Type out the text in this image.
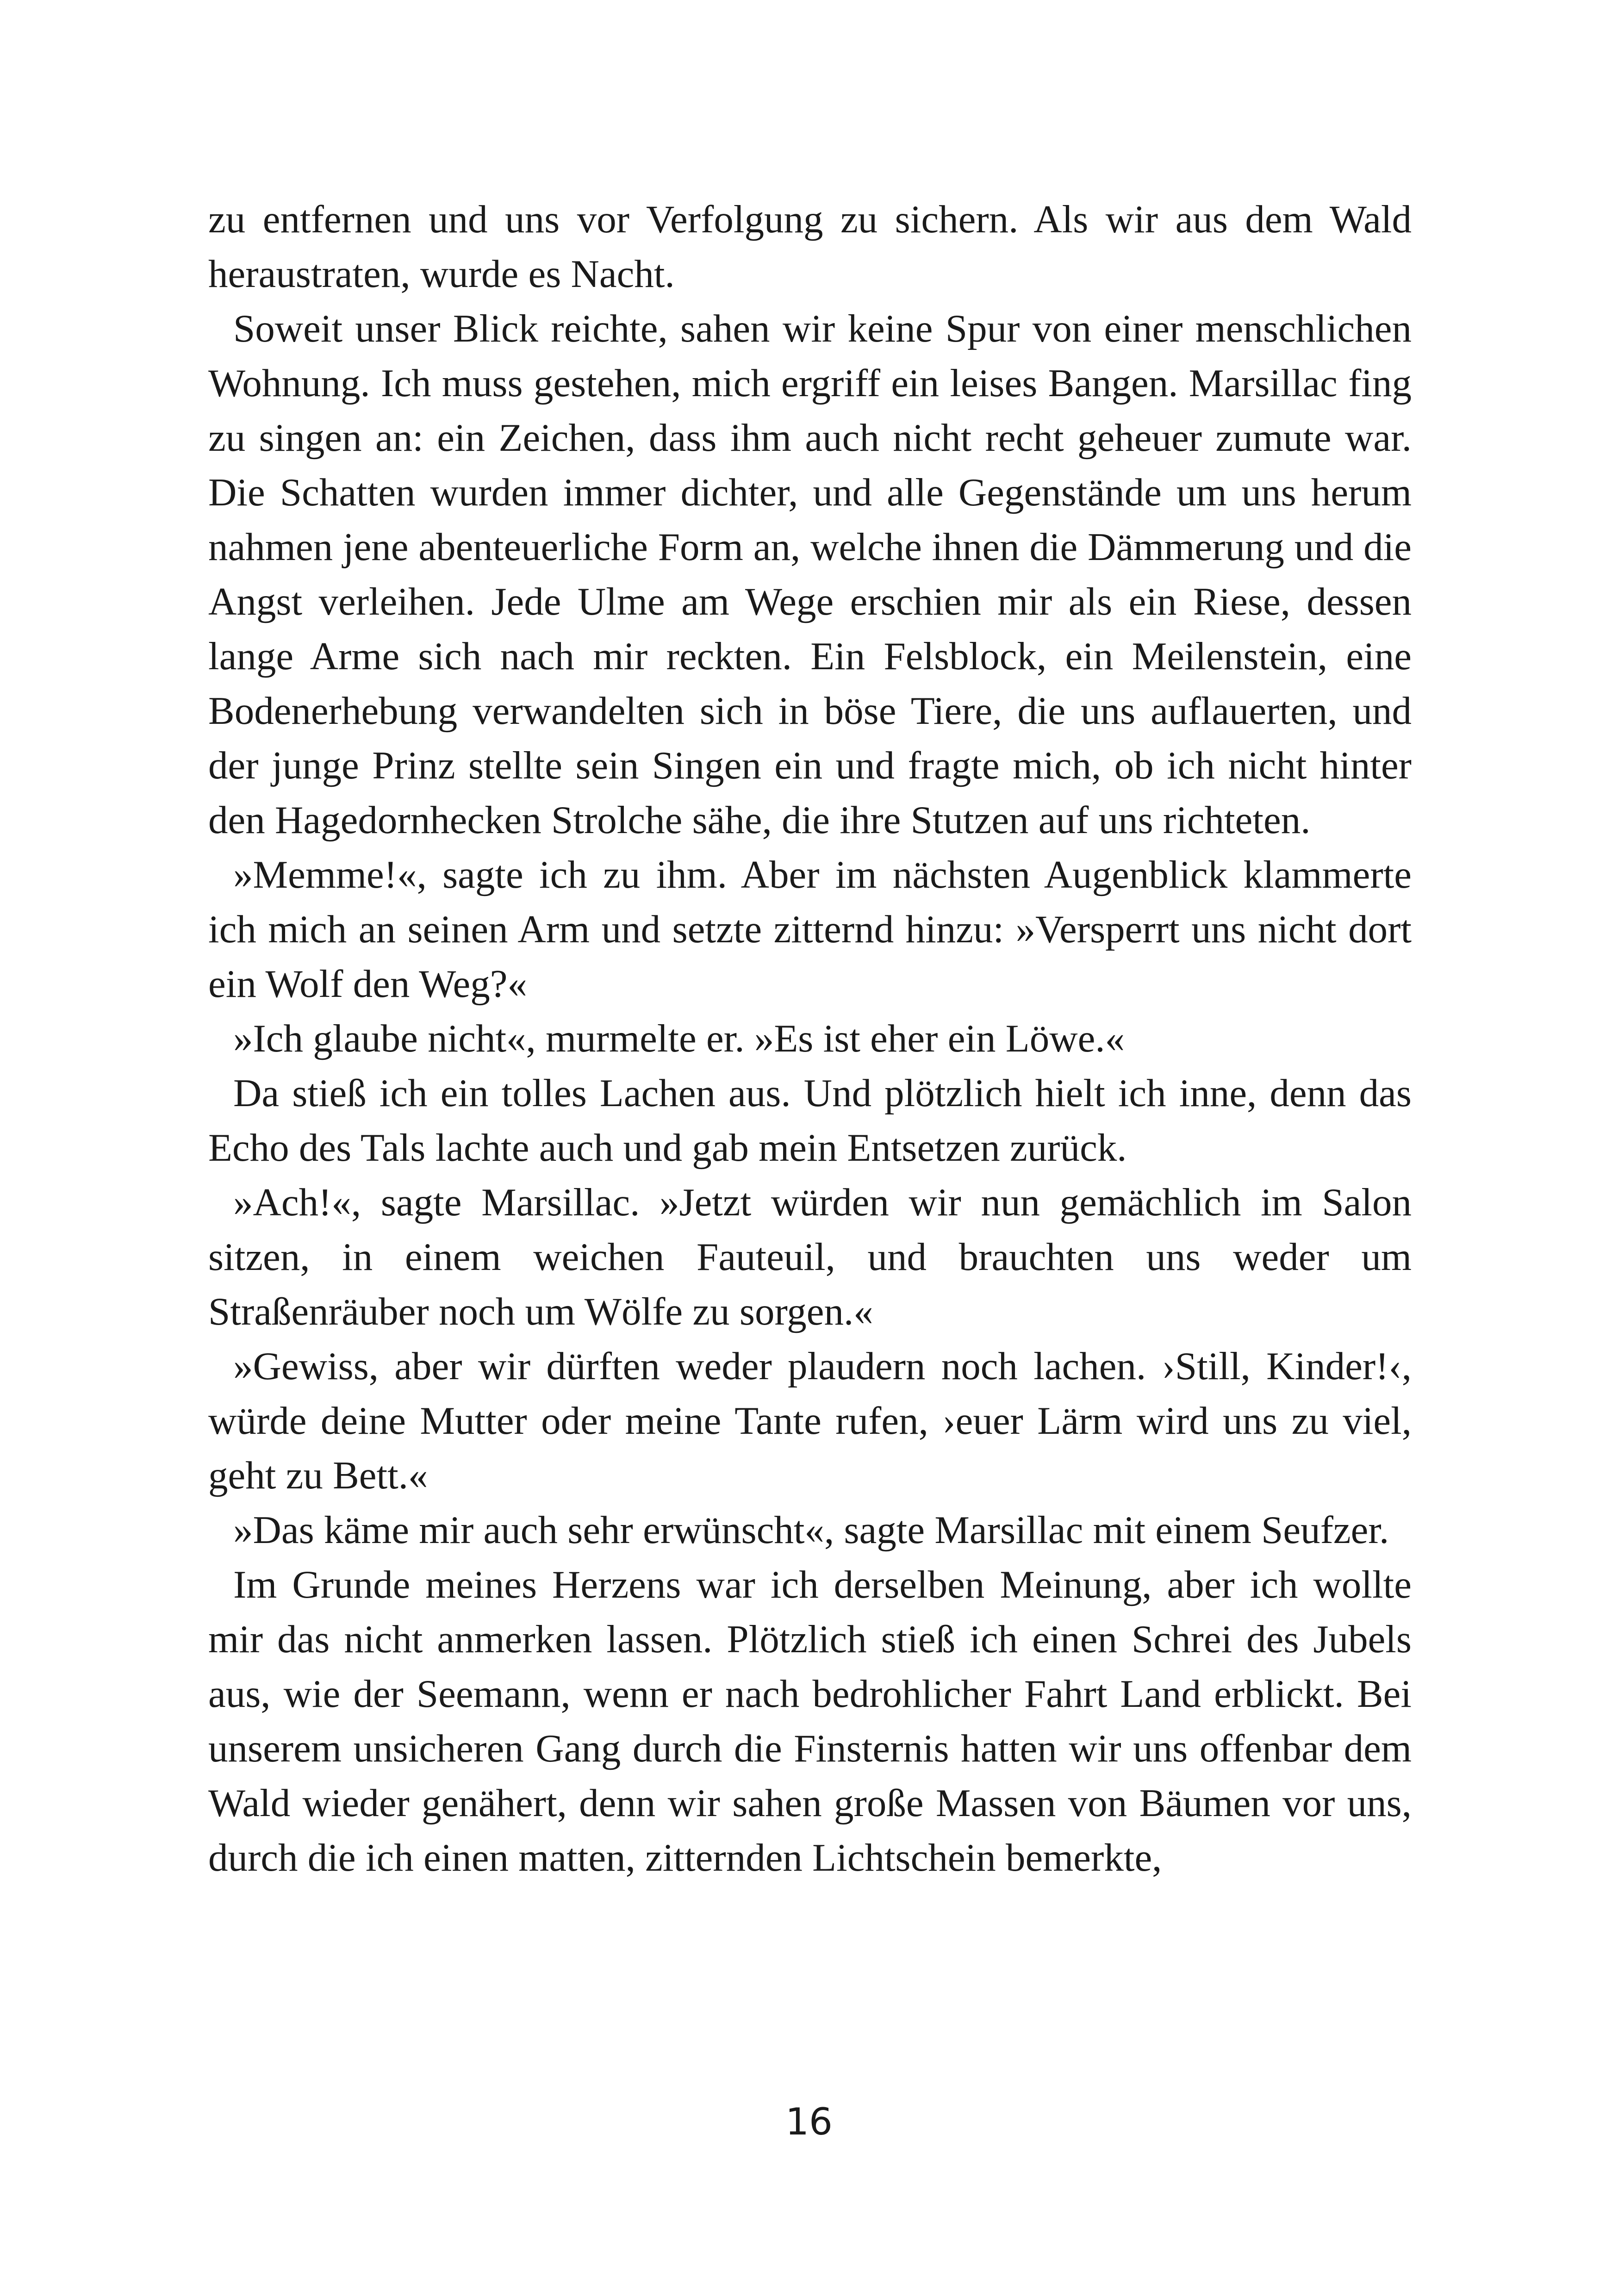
zu entfernen und uns vor Verfolgung zu sichern. Als wir aus dem Wald heraustraten, wurde es Nacht.

Soweit unser Blick reichte, sahen wir keine Spur von einer menschlichen Wohnung. Ich muss gestehen, mich ergriff ein leises Bangen. Marsillac fing zu singen an: ein Zeichen, dass ihm auch nicht recht geheuer zumute war. Die Schatten wurden immer dichter, und alle Gegenstände um uns herum nahmen jene abenteuerliche Form an, welche ihnen die Dämmerung und die Angst verleihen. Jede Ulme am Wege erschien mir als ein Riese, dessen lange Arme sich nach mir reckten. Ein Felsblock, ein Meilenstein, eine Bodenerhebung verwandelten sich in böse Tiere, die uns auflauerten, und der junge Prinz stellte sein Singen ein und fragte mich, ob ich nicht hinter den Hagedornhecken Strolche sähe, die ihre Stutzen auf uns richteten.

»Memme!«, sagte ich zu ihm. Aber im nächsten Augenblick klammerte ich mich an seinen Arm und setzte zitternd hinzu: »Versperrt uns nicht dort ein Wolf den Weg?«

»Ich glaube nicht«, murmelte er. »Es ist eher ein Löwe.«

Da stieß ich ein tolles Lachen aus. Und plötzlich hielt ich inne, denn das Echo des Tals lachte auch und gab mein Entsetzen zurück.

»Ach!«, sagte Marsillac. »Jetzt würden wir nun gemächlich im Salon sitzen, in einem weichen Fauteuil, und brauchten uns weder um Straßenräuber noch um Wölfe zu sorgen.«

»Gewiss, aber wir dürften weder plaudern noch lachen. ›Still, Kinder!‹, würde deine Mutter oder meine Tante rufen, ›euer Lärm wird uns zu viel, geht zu Bett.«

»Das käme mir auch sehr erwünscht«, sagte Marsillac mit einem Seufzer.

Im Grunde meines Herzens war ich derselben Meinung, aber ich wollte mir das nicht anmerken lassen. Plötzlich stieß ich einen Schrei des Jubels aus, wie der Seemann, wenn er nach bedrohlicher Fahrt Land erblickt. Bei unserem unsicheren Gang durch die Finsternis hatten wir uns offenbar dem Wald wieder genähert, denn wir sahen große Massen von Bäumen vor uns, durch die ich einen matten, zitternden Lichtschein bemerkte,

16
